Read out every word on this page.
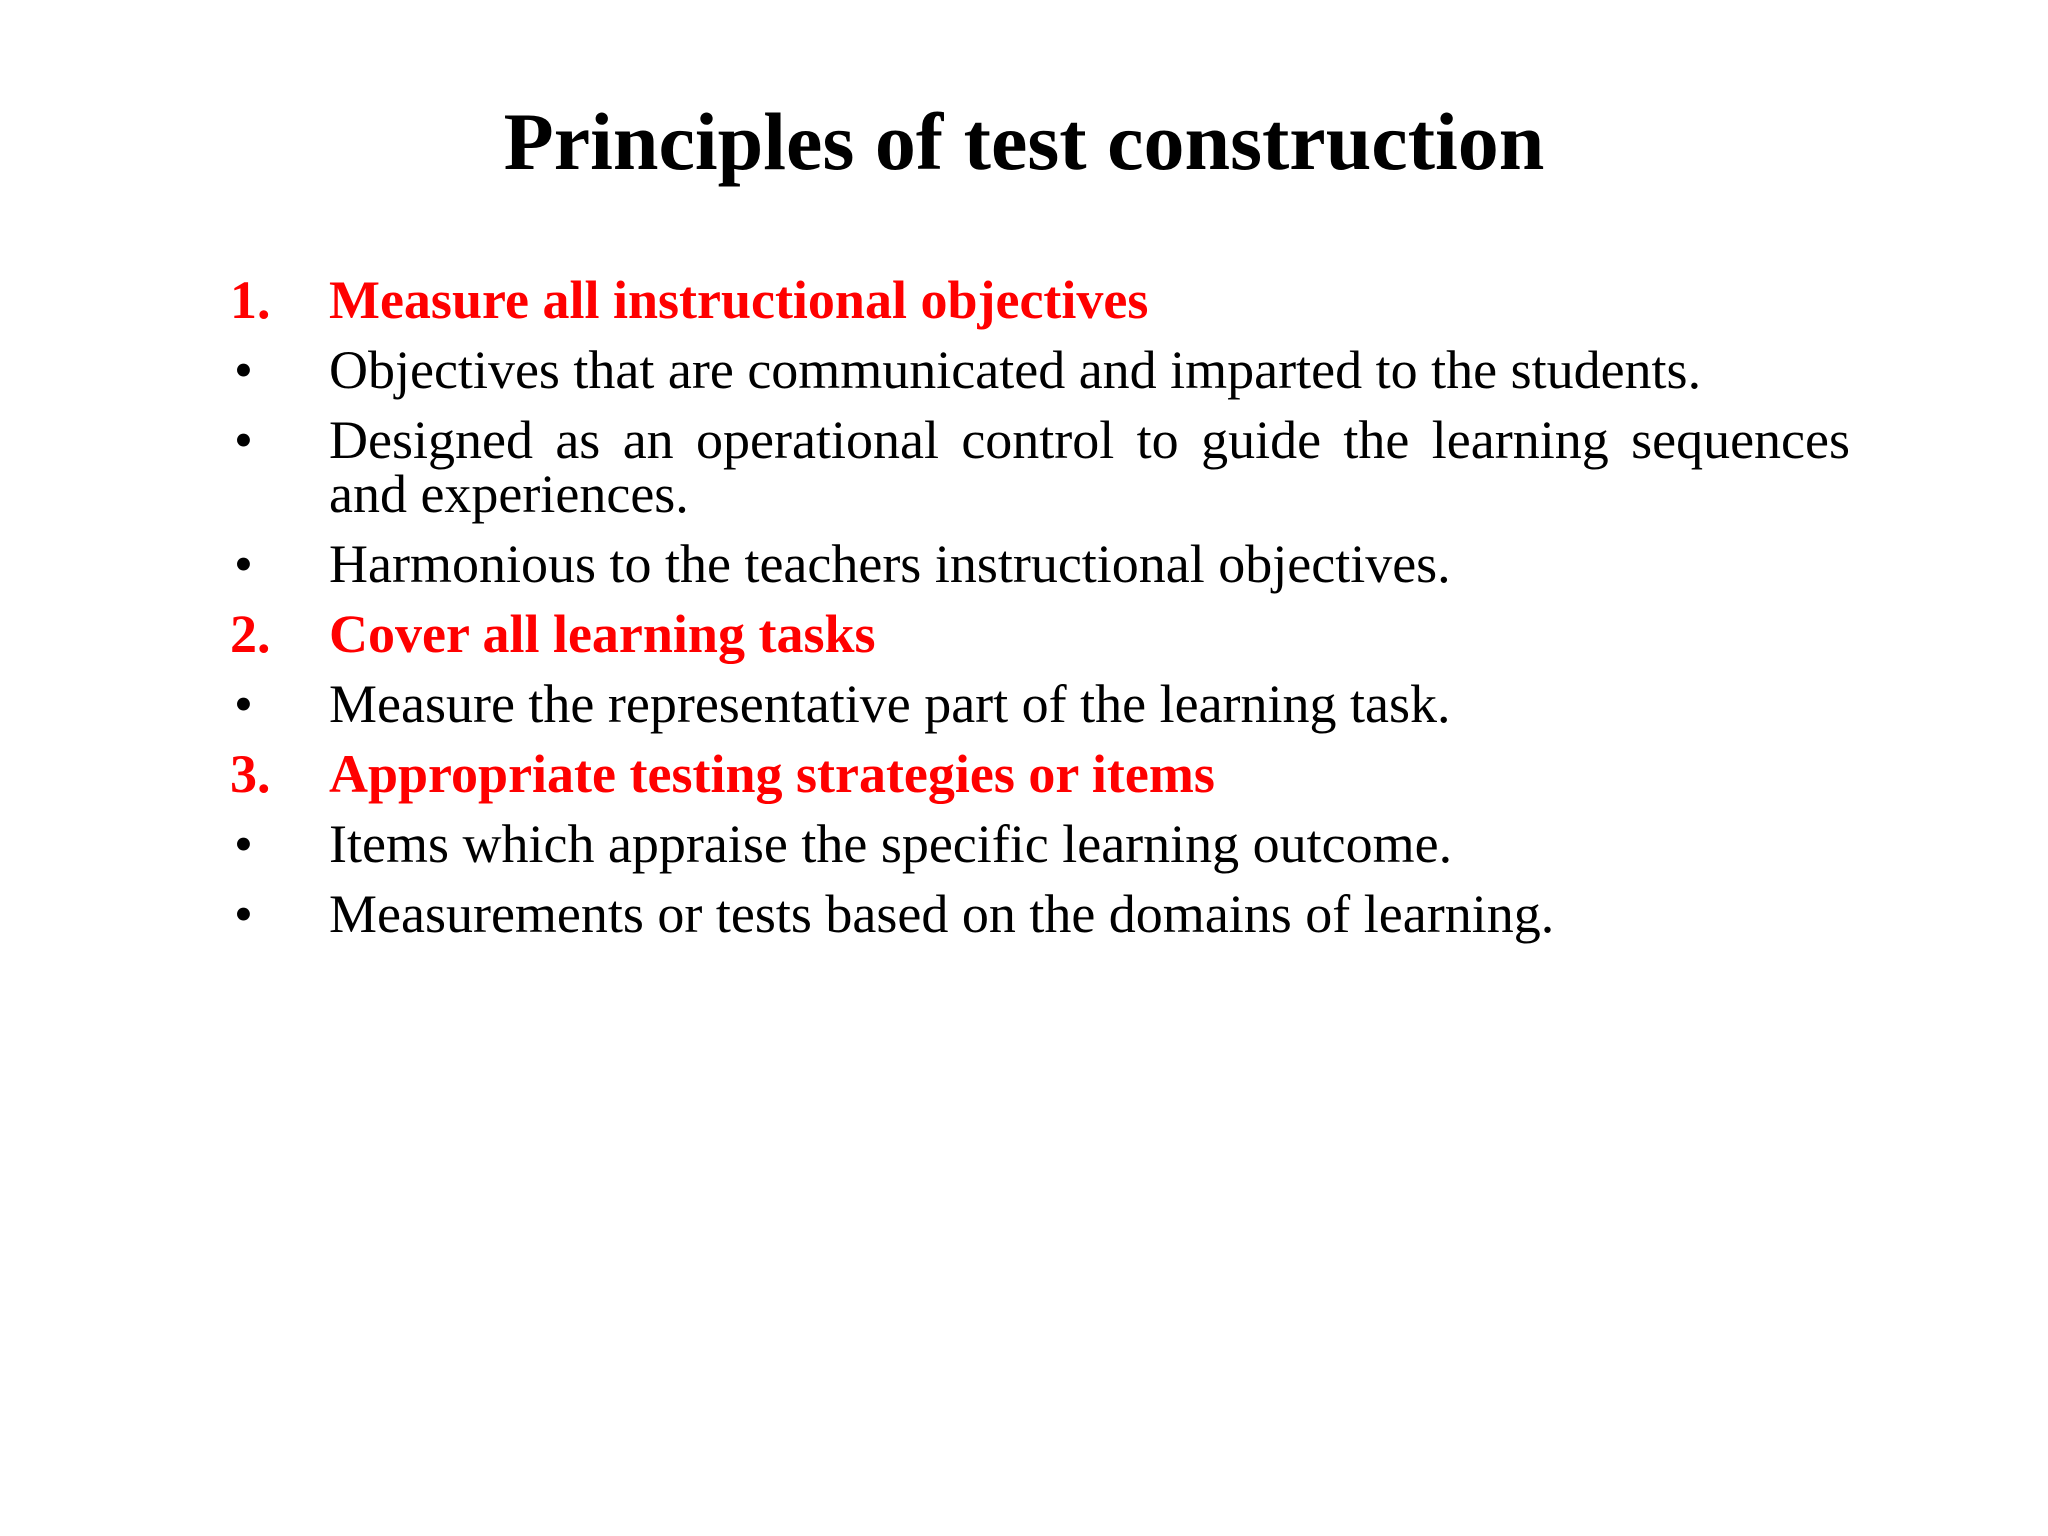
Principles of test construction
1.	Measure all instructional objectives
•	Objectives that are communicated and imparted to the students.
•	Designed as an operational control to guide the learning sequences and experiences.
•	Harmonious to the teachers instructional objectives.
2.	Cover all learning tasks
•	Measure the representative part of the learning task.
3.	Appropriate testing strategies or items
•	Items which appraise the specific learning outcome.
•	Measurements or tests based on the domains of learning.
